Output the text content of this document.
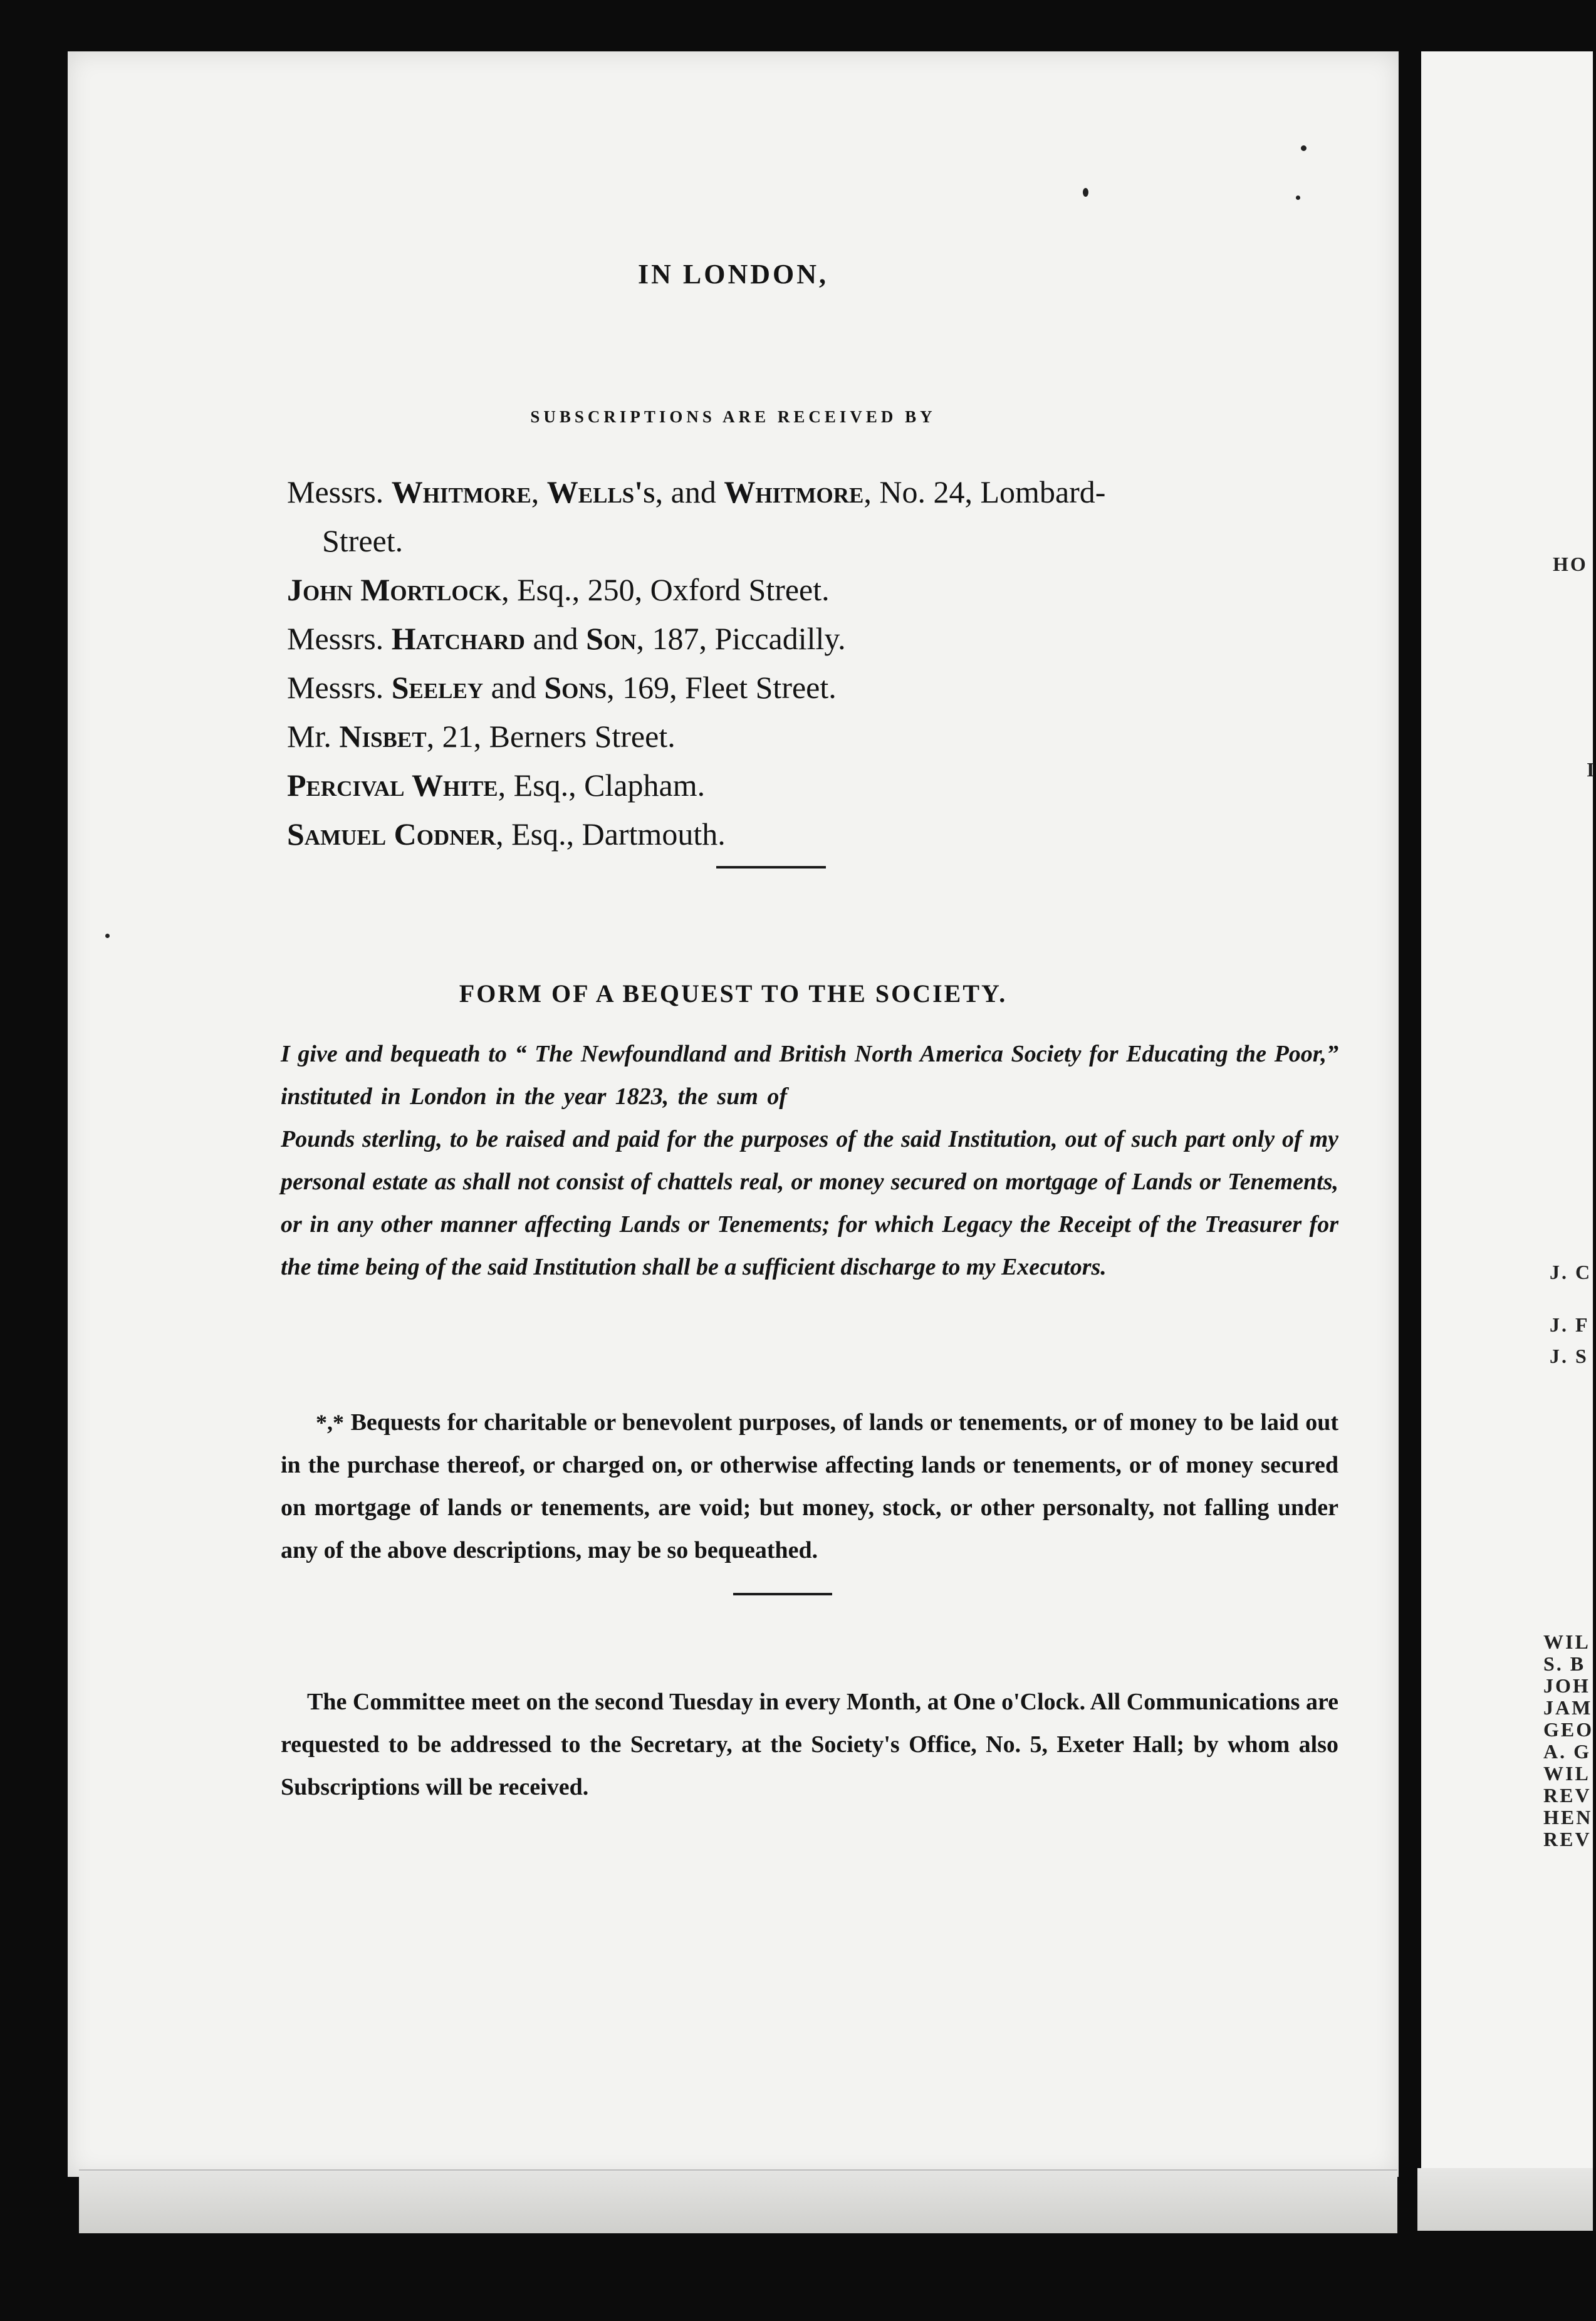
IN LONDON,
SUBSCRIPTIONS ARE RECEIVED BY
Messrs. Whitmore, Wells's, and Whitmore, No. 24, Lombard-
Street.
John Mortlock, Esq., 250, Oxford Street.
Messrs. Hatchard and Son, 187, Piccadilly.
Messrs. Seeley and Sons, 169, Fleet Street.
Mr. Nisbet, 21, Berners Street.
Percival White, Esq., Clapham.
Samuel Codner, Esq., Dartmouth.
FORM OF A BEQUEST TO THE SOCIETY.
I give and bequeath to “ The Newfoundland and British North America Society for Educating the Poor,” instituted in London in the year 1823, the sum ofPounds sterling, to be raised and paid for the purposes of the said Institution, out of such part only of my personal estate as shall not consist of chattels real, or money secured on mortgage of Lands or Tenements, or in any other manner affecting Lands or Tenements; for which Legacy the Receipt of the Treasurer for the time being of the said Institution shall be a sufficient discharge to my Executors.
*,* Bequests for charitable or benevolent purposes, of lands or tenements, or of money to be laid out in the purchase thereof, or charged on, or otherwise affecting lands or tenements, or of money secured on mortgage of lands or tenements, are void; but money, stock, or other personalty, not falling under any of the above descriptions, may be so bequeathed.
The Committee meet on the second Tuesday in every Month, at One o'Clock. All Communications are requested to be addressed to the Secretary, at the Society's Office, No. 5, Exeter Hall; by whom also Subscriptions will be received.
HO
I
J. C
J. F
J. S
WIL
S. B
JOH
JAM
GEO
A. G
WIL
REV
HEN
REV
